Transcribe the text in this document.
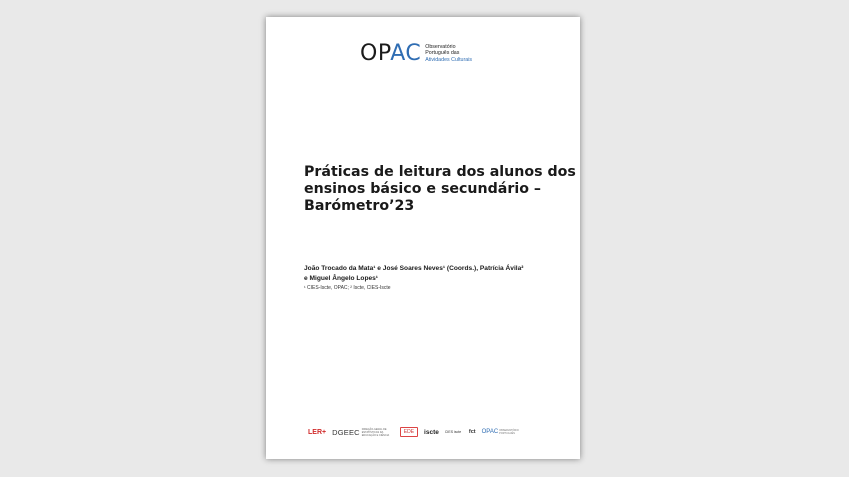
OPAC Observatório
Português das
Atividades Culturais
Práticas de leitura dos alunos dos
ensinos básico e secundário –
Barómetro’23
João Trocado da Mata¹ e José Soares Neves¹ (Coords.), Patrícia Ávila²
e Miguel Ângelo Lopes¹
¹ CIES-Iscte, OPAC; ² Iscte, CIES-Iscte
LER+ DGEEC DIREÇÃO-GERAL DE ESTATÍSTICAS DA EDUCAÇÃO E CIÊNCIA	EDE	iscte CIES iscte	fct OPAC OBSERVATÓRIO PORTUGUÊS
